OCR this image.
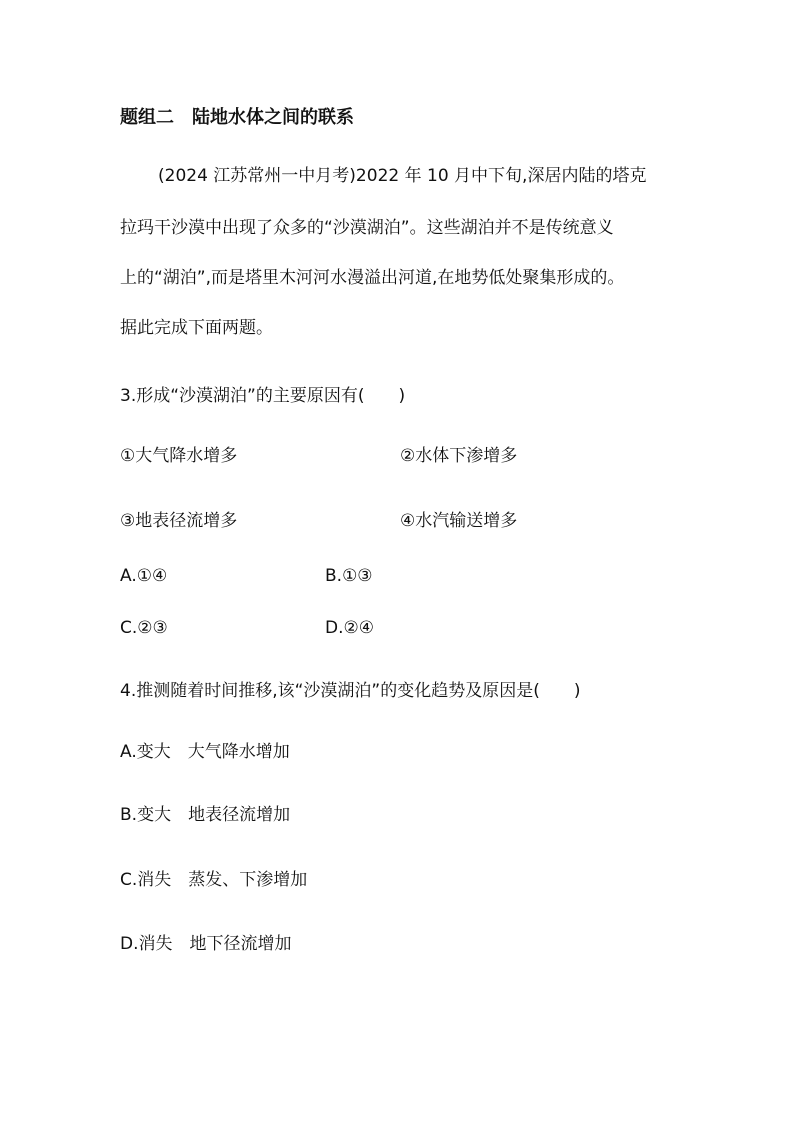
题组二　陆地水体之间的联系
(2024 江苏常州一中月考)2022 年 10 月中下旬,深居内陆的塔克
拉玛干沙漠中出现了众多的“沙漠湖泊”。这些湖泊并不是传统意义
上的“湖泊”,而是塔里木河河水漫溢出河道,在地势低处聚集形成的。
据此完成下面两题。
3.形成“沙漠湖泊”的主要原因有(　　)
①大气降水增多	②水体下渗增多
③地表径流增多	④水汽输送增多
A.①④	B.①③
C.②③	D.②④
4.推测随着时间推移,该“沙漠湖泊”的变化趋势及原因是(　　)
A.变大　大气降水增加
B.变大　地表径流增加
C.消失　蒸发、下渗增加
D.消失　地下径流增加
